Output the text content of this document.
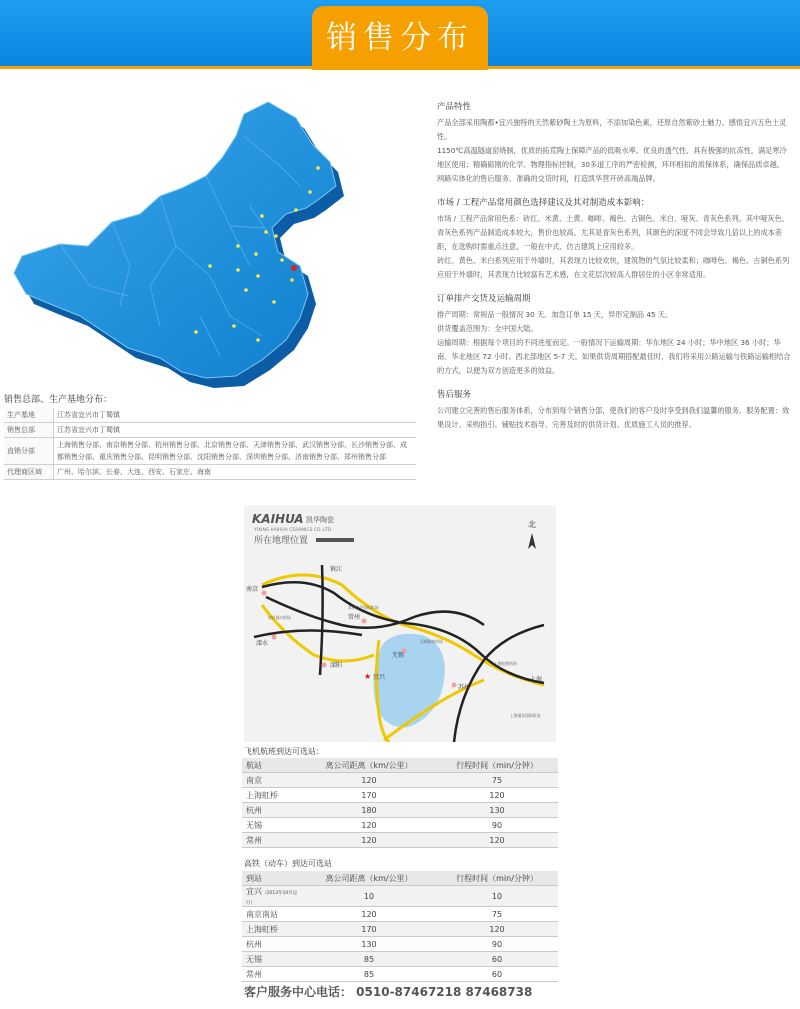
销售分布
产品特性

产品全部采用陶都•宜兴独特的天然紫砂陶土为原料，不添加染色素，还原自然紫砂土魅力、感悟宜兴五色土灵性。

1150℃高温隧道窑烧制，优质的拓荒陶土保障产品的低吸水率、优良的透气性、具有极强的抗冻性，满足寒冷地区使用；精确砺刚的化学、物理指标控制，30多道工序的严密检测，环环相扣的质保体系，确保品质卓越。

网路实体化的售后服务、准确的交货时间，打造凯华营开砖高端品牌。

市场 / 工程产品常用颜色选择建议及其对制造成本影响：

市场 / 工程产品常用色系：砖红、米黄、土黄、咖啡、褐色、古铜色、米白、哑灰、青灰色系列。其中哑灰色、青灰色系列产品制造成本较大，售价也较高。尤其是青灰色系列，其颜色的深度不同会导致几倍以上的成本差距，在选购时需重点注意，一般在中式、仿古建筑上应用较多。

砖红、黄色、米白系列应用于外墙时，其表现力比较欢快，建筑物的气氛比较柔和；咖啡色、褐色、古铜色系列应用于外墙时，其表现力比较富有艺术感，在文花层次较高人群居住的小区非常适用。

订单排产交货及运输周期

排产周期：常规品一般情况 30 天、加急订单 15 天，异形定制品 45 天。

供货覆盖范围为：全中国大陆。

运输周期：根据每个项目的不同进度而定。一般情况下运输周期：华东地区 24 小时；华中地区 36 小时；华南、华北地区 72 小时。西北部地区 5-7 天。如果供货周期搭配最佳时，我们将采用公路运输与铁路运输相结合的方式，以便为双方创造更多的效益。

售后服务

公司建立完善的售后服务体系，分布到每个销售分部，使我们的客户及时享受到我们温馨的服务。服务配置：效果设计、采购指引、铺贴技术指导、完善及时的供货计划、优质施工人员的推荐。

销售总部、生产基地分布：
生产基地	江苏省宜兴市丁蜀镇
销售总部	江苏省宜兴市丁蜀镇
直销分部	上海销售分部、南京销售分部、杭州销售分部、北京销售分部、天津销售分部、武汉销售分部、长沙销售分部、成都销售分部、重庆销售分部、昆明销售分部、沈阳销售分部、深圳销售分部、济南销售分部、郑州销售分部
代理商区域	广州、哈尔滨、长春、大连、西安、石家庄、海南
KAIHUA 凯华陶瓷
YIXING KAIHUA CERAMICS CO.,LTD
所在地理位置
北
南京
镇江
常州
溧水
溧阳
无锡
★ 宜兴
苏州
上海
南京禄口机场
常州奔牛国际机场
无锡硕放机场
上海虹桥机场
上海浦东国际机场
飞机航班到达可选站：
航站	离公司距离（km/公里）	行程时间（min/分钟）
南京	120	75
上海虹桥	170	120
杭州	180	130
无锡	120	90
常州	120	120
高铁（动车）到达可选站
到站	离公司距离（km/公里）	行程时间（min/分钟）
宜兴（2013年10月运行）	10	10
南京南站	120	75
上海虹桥	170	120
杭州	130	90
无锡	85	60
常州	85	60
客户服务中心电话： 0510-87467218 87468738
